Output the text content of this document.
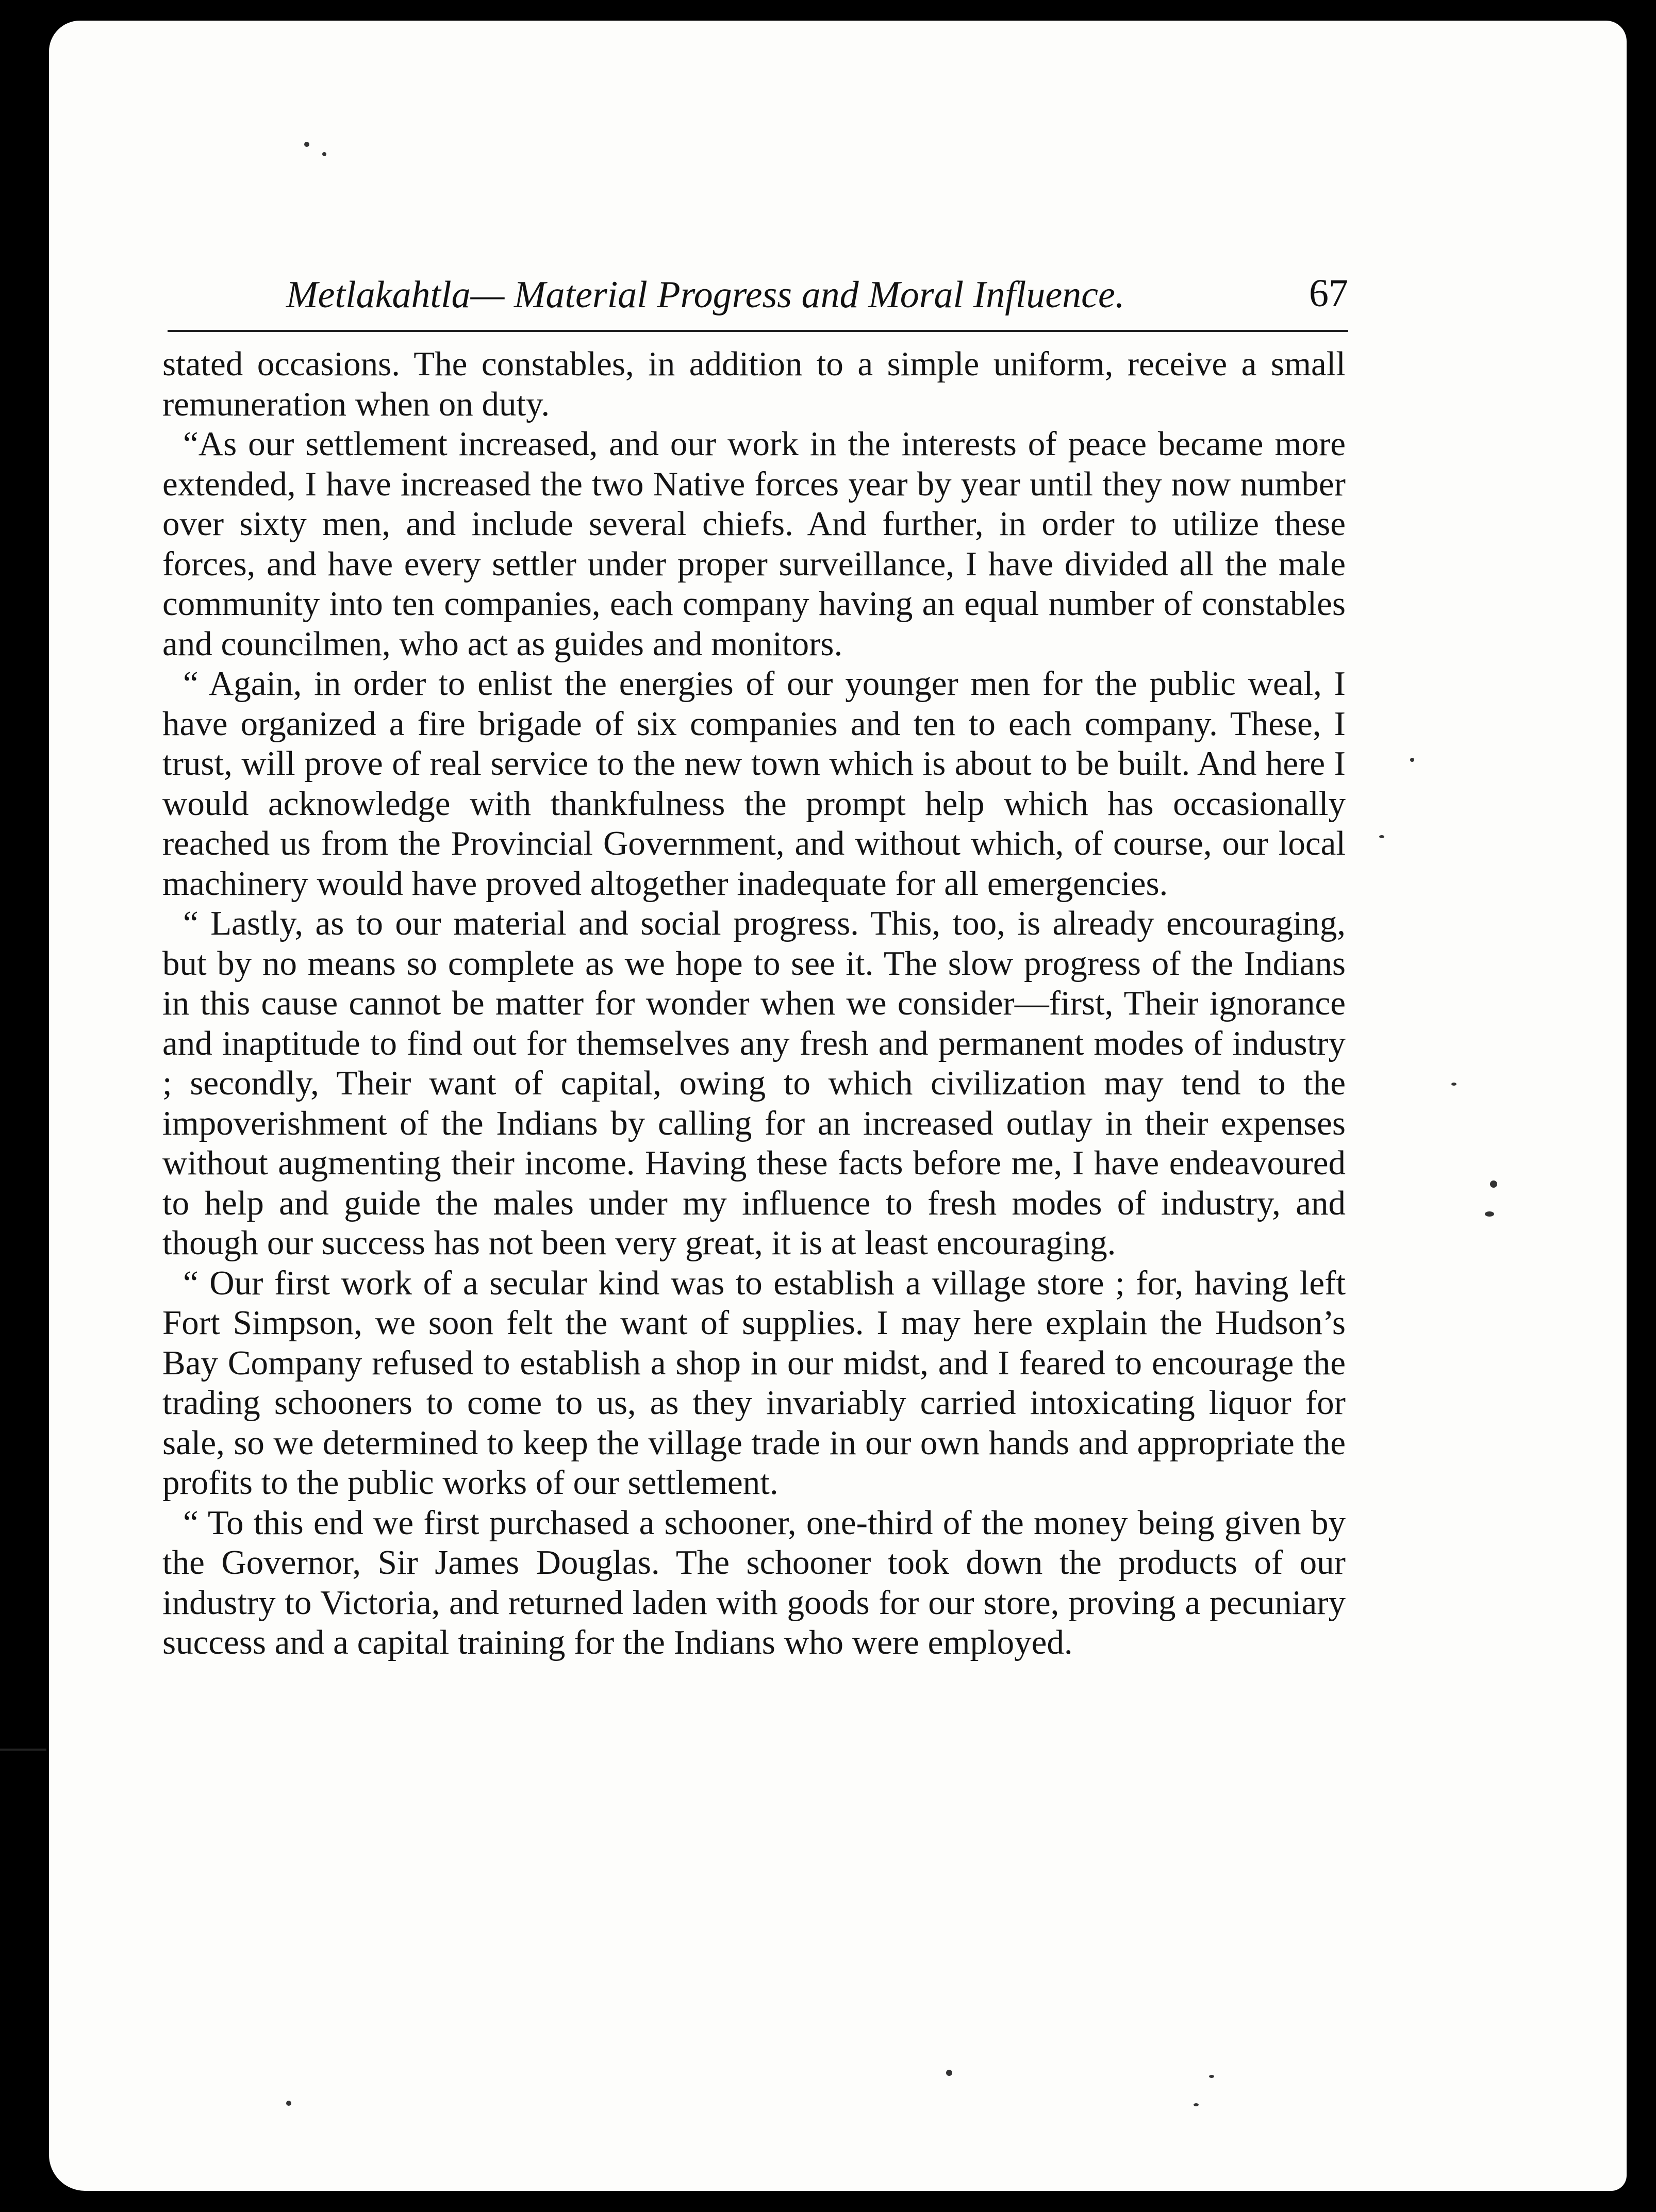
Metlakahtla— Material Progress and Moral Influence.	67

stated occasions. The constables, in addition to a simple uniform, receive a small remuneration when on duty.

“As our settlement increased, and our work in the interests of peace became more extended, I have increased the two Native forces year by year until they now number over sixty men, and include several chiefs. And further, in order to utilize these forces, and have every settler under proper surveillance, I have divided all the male community into ten companies, each company having an equal number of constables and councilmen, who act as guides and monitors.

“ Again, in order to enlist the energies of our younger men for the public weal, I have organized a fire brigade of six companies and ten to each company. These, I trust, will prove of real service to the new town which is about to be built. And here I would acknowledge with thankfulness the prompt help which has occasionally reached us from the Provincial Government, and without which, of course, our local machinery would have proved altogether inadequate for all emergencies.

“ Lastly, as to our material and social progress. This, too, is already encouraging, but by no means so complete as we hope to see it. The slow progress of the Indians in this cause cannot be matter for wonder when we consider—first, Their ignorance and inaptitude to find out for themselves any fresh and permanent modes of industry ; secondly, Their want of capital, owing to which civilization may tend to the impoverishment of the Indians by calling for an increased outlay in their expenses without augmenting their income. Having these facts before me, I have endeavoured to help and guide the males under my influence to fresh modes of industry, and though our success has not been very great, it is at least encouraging.

“ Our first work of a secular kind was to establish a village store ; for, having left Fort Simpson, we soon felt the want of supplies. I may here explain the Hudson’s Bay Company refused to establish a shop in our midst, and I feared to encourage the trading schooners to come to us, as they invariably carried intoxicating liquor for sale, so we determined to keep the village trade in our own hands and appropriate the profits to the public works of our settlement.

“ To this end we first purchased a schooner, one-third of the money being given by the Governor, Sir James Douglas. The schooner took down the products of our industry to Victoria, and returned laden with goods for our store, proving a pecuniary success and a capital training for the Indians who were employed.
